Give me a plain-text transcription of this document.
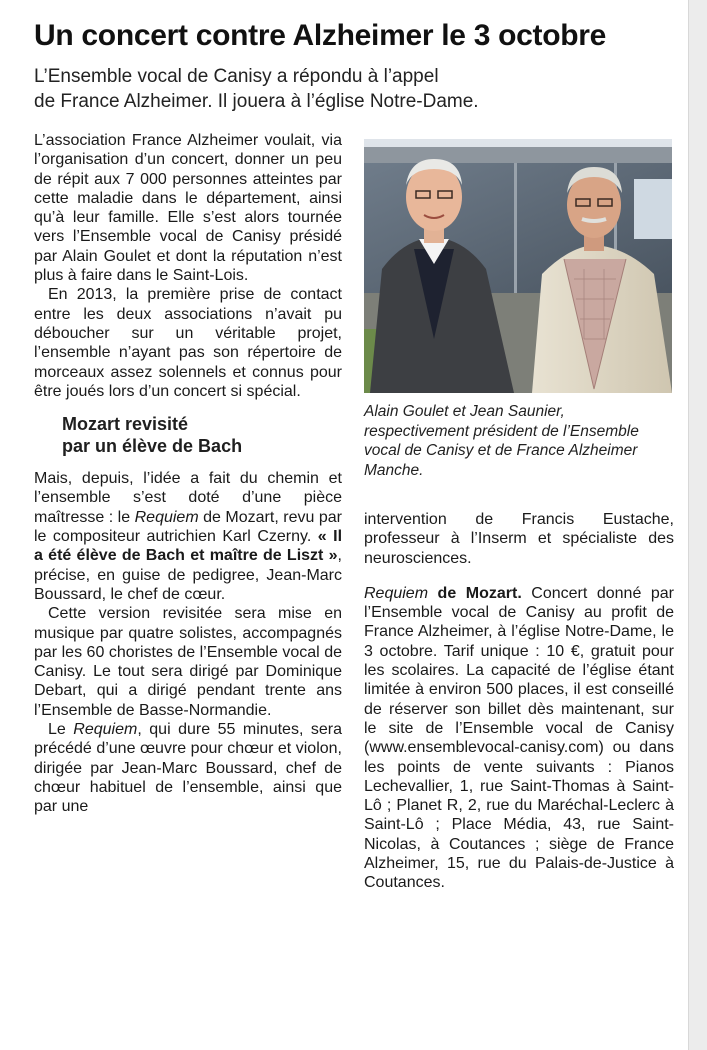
Un concert contre Alzheimer le 3 octobre
L’Ensemble vocal de Canisy a répondu à l’appel
de France Alzheimer. Il jouera à l’église Notre-Dame.

L’association France Alzheimer voulait, via l’organisation d’un concert, donner un peu de répit aux 7 000 personnes atteintes par cette maladie dans le département, ainsi qu’à leur famille. Elle s’est alors tournée vers l’Ensemble vocal de Canisy présidé par Alain Goulet et dont la réputation n’est plus à faire dans le Saint-Lois.

En 2013, la première prise de contact entre les deux associations n’avait pu déboucher sur un véritable projet, l’ensemble n’ayant pas son répertoire de morceaux assez solennels et connus pour être joués lors d’un concert si spécial.

Mozart revisité
par un élève de Bach

Mais, depuis, l’idée a fait du chemin et l’ensemble s’est doté d’une pièce maîtresse : le Requiem de Mozart, revu par le compositeur autrichien Karl Czerny. « Il a été élève de Bach et maître de Liszt », précise, en guise de pedigree, Jean-Marc Boussard, le chef de cœur.

Cette version revisitée sera mise en musique par quatre solistes, accompagnés par les 60 choristes de l’Ensemble vocal de Canisy. Le tout sera dirigé par Dominique Debart, qui a dirigé pendant trente ans l’Ensemble de Basse-Normandie.

Le Requiem, qui dure 55 minutes, sera précédé d’une œuvre pour chœur et violon, dirigée par Jean-Marc Boussard, chef de chœur habituel de l’ensemble, ainsi que par une

Alain Goulet et Jean Saunier, respectivement président de l’Ensemble vocal de Canisy et de France Alzheimer Manche.

intervention de Francis Eustache, professeur à l’Inserm et spécialiste des neurosciences.

Requiem de Mozart. Concert donné par l’Ensemble vocal de Canisy au profit de France Alzheimer, à l’église Notre-Dame, le 3 octobre. Tarif unique : 10 €, gratuit pour les scolaires. La capacité de l’église étant limitée à environ 500 places, il est conseillé de réserver son billet dès maintenant, sur le site de l’Ensemble vocal de Canisy (www.ensemblevocal-canisy.com) ou dans les points de vente suivants : Pianos Lechevallier, 1, rue Saint-Thomas à Saint-Lô ; Planet R, 2, rue du Maréchal-Leclerc à Saint-Lô ; Place Média, 43, rue Saint-Nicolas, à Coutances ; siège de France Alzheimer, 15, rue du Palais-de-Justice à Coutances.
